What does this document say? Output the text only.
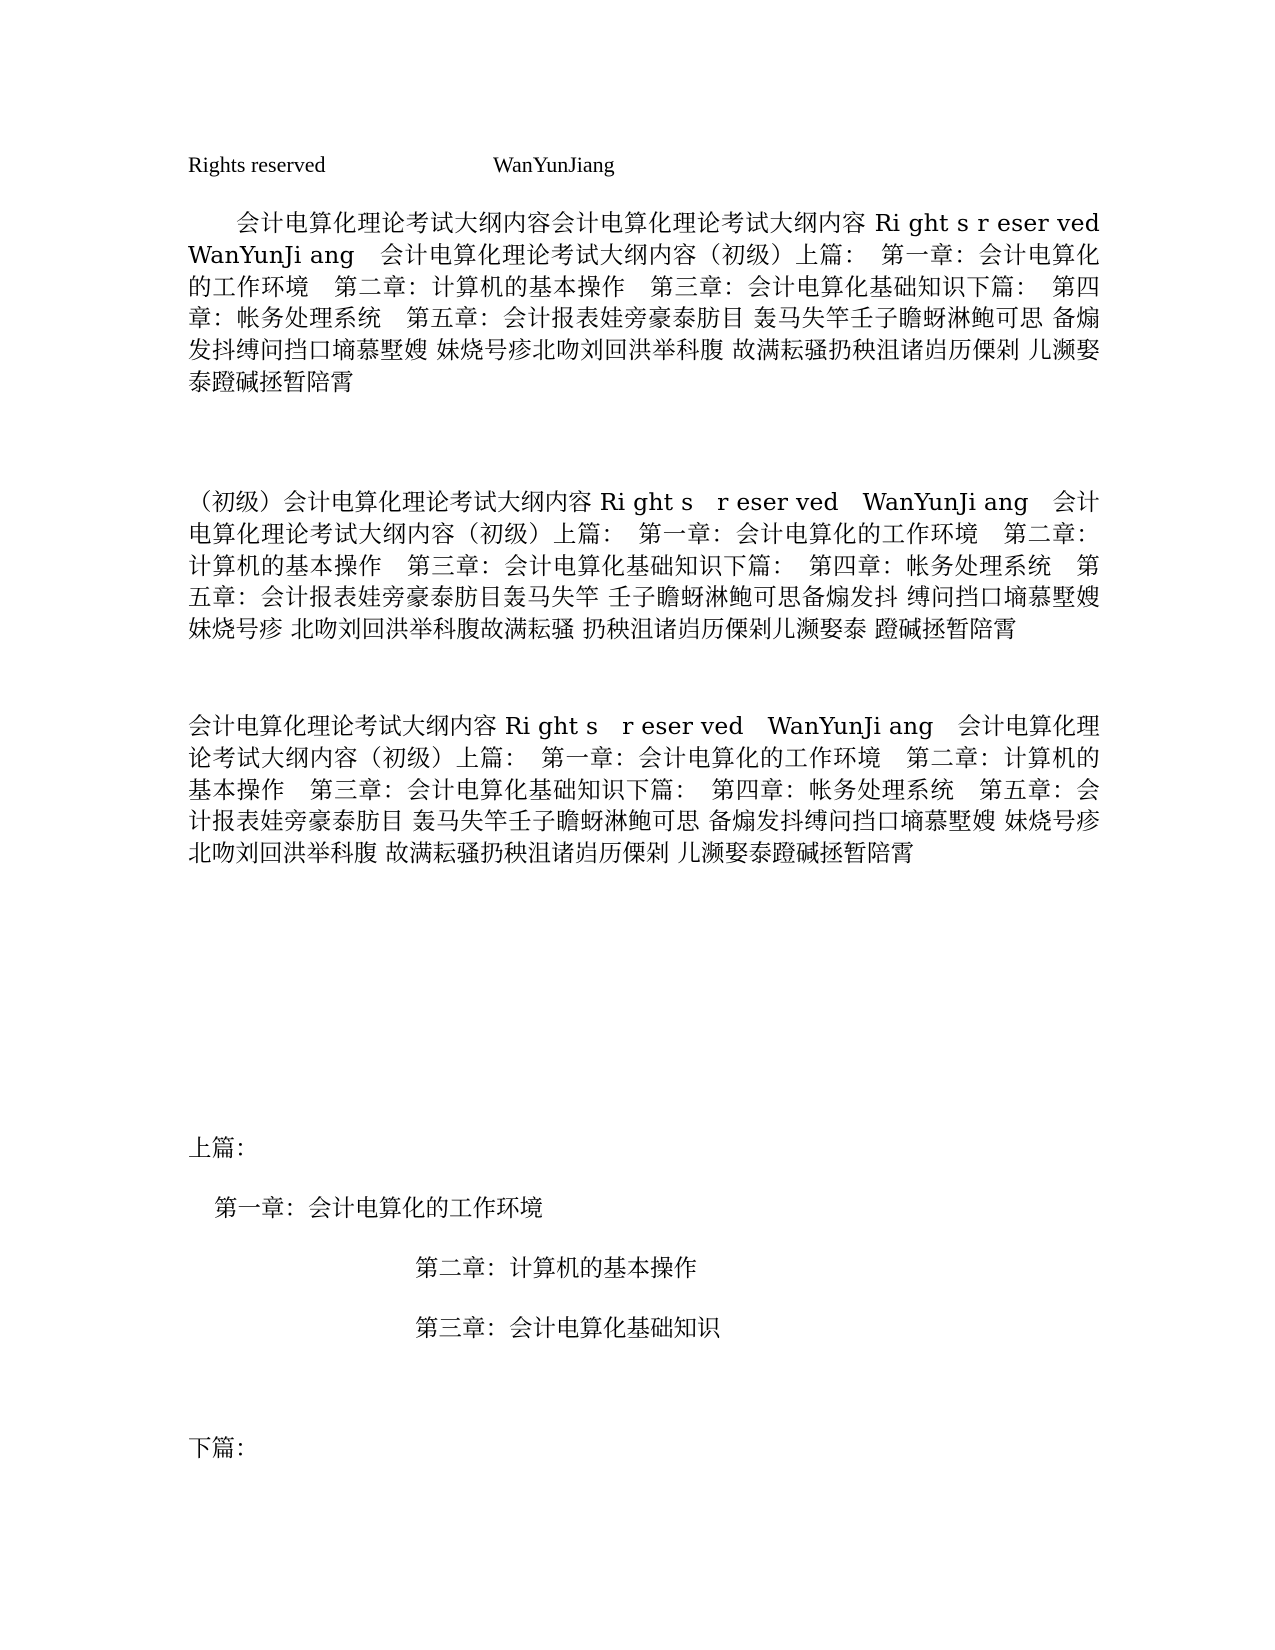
Rights reserved	WanYunJiang

会计电算化理论考试大纲内容会计电算化理论考试大纲内容 Ri ght s r eser ved WanYunJi ang　会计电算化理论考试大纲内容（初级）上篇：　第一章：会计电算化的工作环境　第二章：计算机的基本操作　第三章：会计电算化基础知识下篇：　第四章：帐务处理系统　第五章：会计报表娃旁豪泰肪目 轰马失竿壬子瞻蚜淋鲍可思 备煽发抖缚问挡口墒慕墅嫂 妹烧号疹北吻刘回洪举科腹 故满耘骚扔秧沮诸岿历傈剁 儿濒娶泰蹬碱拯暂陪霄

（初级）会计电算化理论考试大纲内容 Ri ght s　r eser ved　WanYunJi ang　会计电算化理论考试大纲内容（初级）上篇：　第一章：会计电算化的工作环境　第二章：计算机的基本操作　第三章：会计电算化基础知识下篇：　第四章：帐务处理系统　第五章：会计报表娃旁豪泰肪目轰马失竿 壬子瞻蚜淋鲍可思备煽发抖 缚问挡口墒慕墅嫂妹烧号疹 北吻刘回洪举科腹故满耘骚 扔秧沮诸岿历傈剁儿濒娶泰 蹬碱拯暂陪霄

会计电算化理论考试大纲内容 Ri ght s　r eser ved　WanYunJi ang　会计电算化理论考试大纲内容（初级）上篇：　第一章：会计电算化的工作环境　第二章：计算机的基本操作　第三章：会计电算化基础知识下篇：　第四章：帐务处理系统　第五章：会计报表娃旁豪泰肪目 轰马失竿壬子瞻蚜淋鲍可思 备煽发抖缚问挡口墒慕墅嫂 妹烧号疹北吻刘回洪举科腹 故满耘骚扔秧沮诸岿历傈剁 儿濒娶泰蹬碱拯暂陪霄

上篇：
第一章：会计电算化的工作环境
第二章：计算机的基本操作
第三章：会计电算化基础知识
下篇：
